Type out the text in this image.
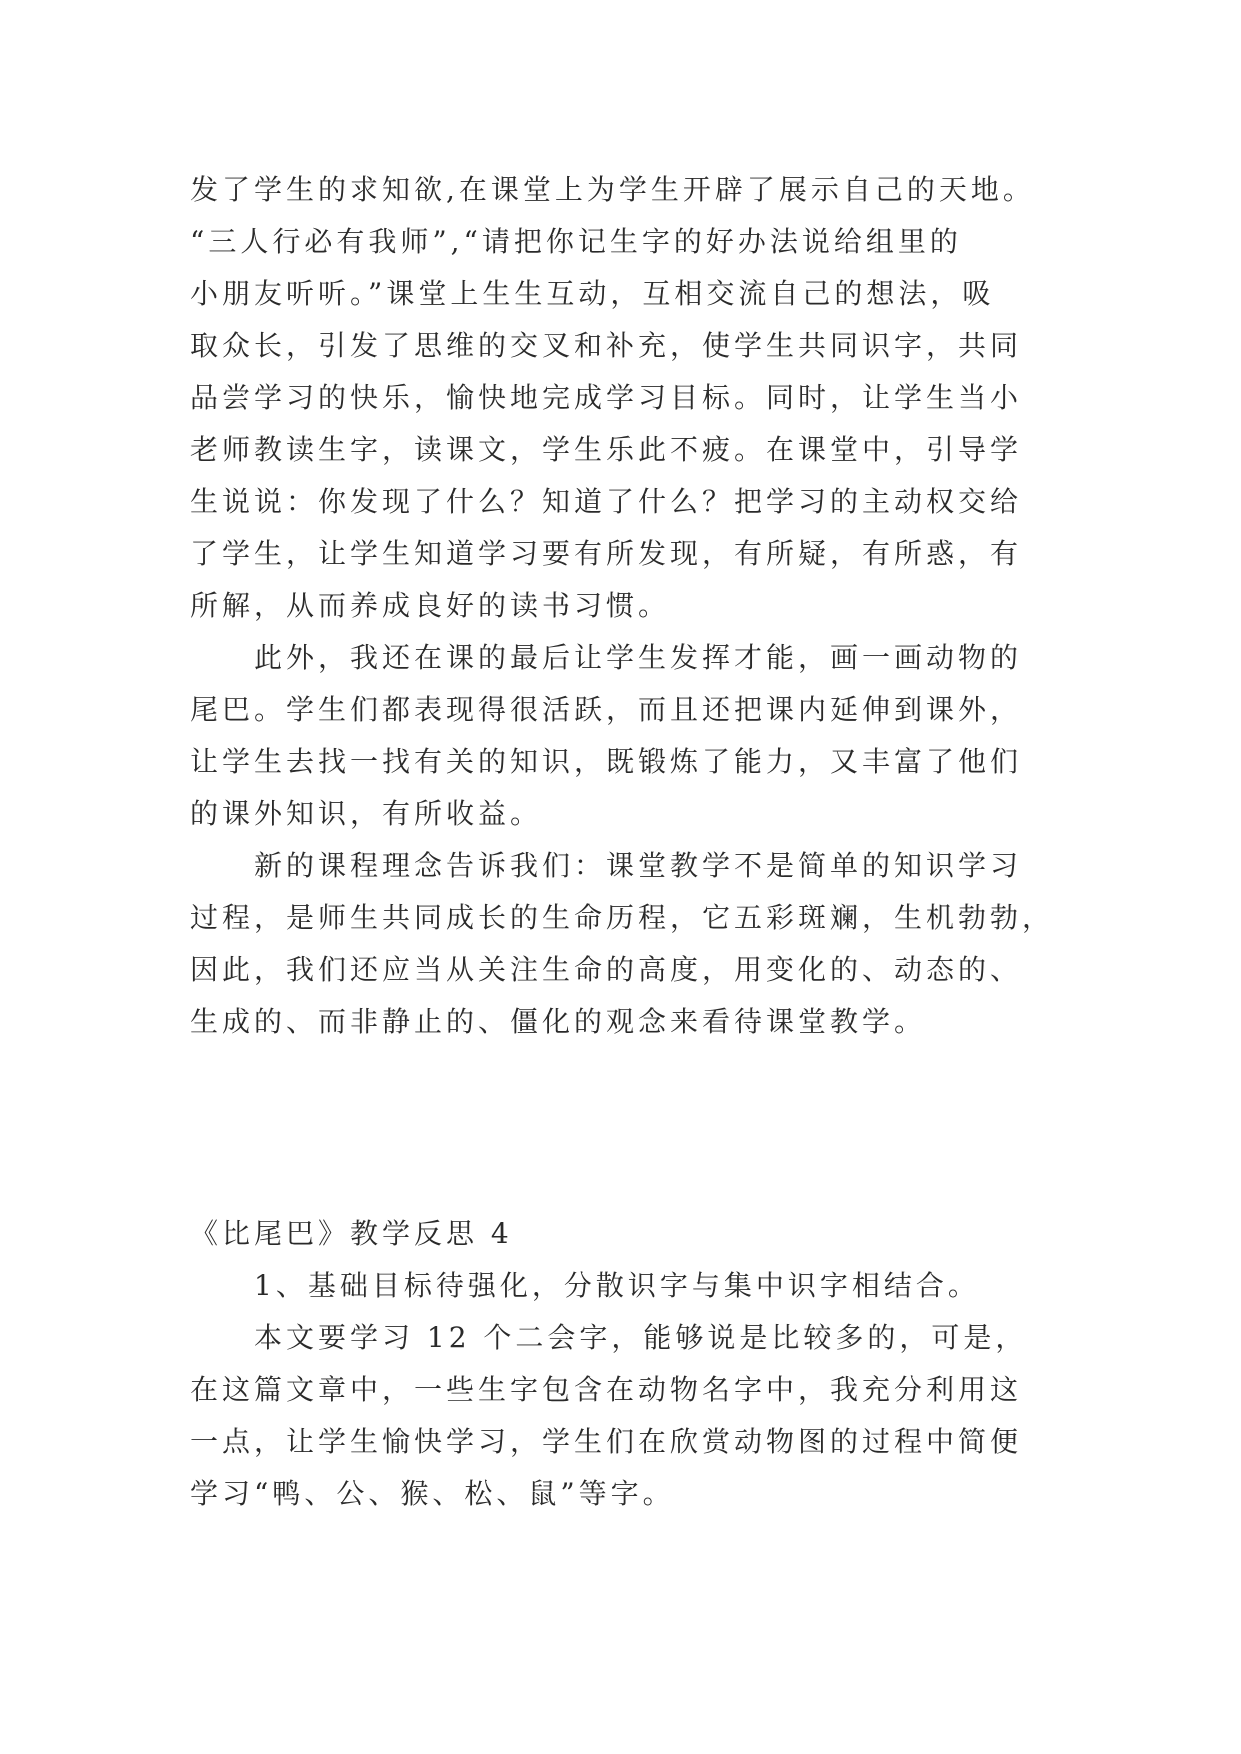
发了学生的求知欲,在课堂上为学生开辟了展示自己的天地。
“三人行必有我师”,“请把你记生字的好办法说给组里的
小朋友听听。”课堂上生生互动，互相交流自己的想法，吸
取众长，引发了思维的交叉和补充，使学生共同识字，共同
品尝学习的快乐，愉快地完成学习目标。同时，让学生当小
老师教读生字，读课文，学生乐此不疲。在课堂中，引导学
生说说：你发现了什么？知道了什么？把学习的主动权交给
了学生，让学生知道学习要有所发现，有所疑，有所惑，有
所解，从而养成良好的读书习惯。
此外，我还在课的最后让学生发挥才能，画一画动物的
尾巴。学生们都表现得很活跃，而且还把课内延伸到课外，
让学生去找一找有关的知识，既锻炼了能力，又丰富了他们
的课外知识，有所收益。
新的课程理念告诉我们：课堂教学不是简单的知识学习
过程，是师生共同成长的生命历程，它五彩斑斓，生机勃勃，
因此，我们还应当从关注生命的高度，用变化的、动态的、
生成的、而非静止的、僵化的观念来看待课堂教学。
《比尾巴》教学反思 4
1、基础目标待强化，分散识字与集中识字相结合。
本文要学习 12 个二会字，能够说是比较多的，可是，
在这篇文章中，一些生字包含在动物名字中，我充分利用这
一点，让学生愉快学习，学生们在欣赏动物图的过程中简便
学习“鸭、公、猴、松、鼠”等字。
